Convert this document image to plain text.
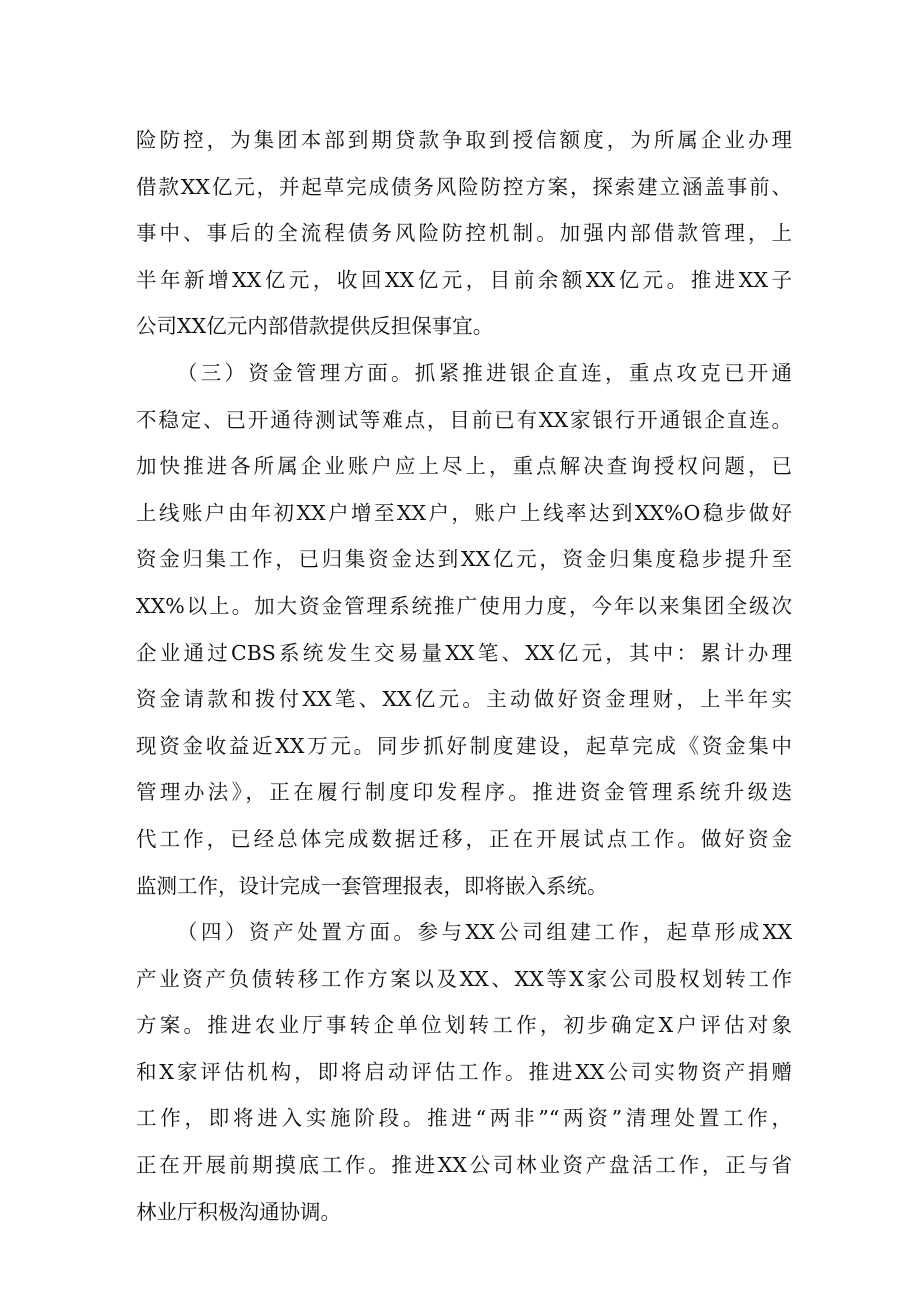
险防控，为集团本部到期贷款争取到授信额度，为所属企业办理
借款XX亿元，并起草完成债务风险防控方案，探索建立涵盖事前、
事中、事后的全流程债务风险防控机制。加强内部借款管理，上
半年新增XX亿元，收回XX亿元，目前余额XX亿元。推进XX子
公司XX亿元内部借款提供反担保事宜。
（三）资金管理方面。抓紧推进银企直连，重点攻克已开通
不稳定、已开通待测试等难点，目前已有XX家银行开通银企直连。
加快推进各所属企业账户应上尽上，重点解决查询授权问题，已
上线账户由年初XX户增至XX户，账户上线率达到XX%O稳步做好
资金归集工作，已归集资金达到XX亿元，资金归集度稳步提升至
XX%以上。加大资金管理系统推广使用力度，今年以来集团全级次
企业通过CBS系统发生交易量XX笔、XX亿元，其中：累计办理
资金请款和拨付XX笔、XX亿元。主动做好资金理财，上半年实
现资金收益近XX万元。同步抓好制度建设，起草完成《资金集中
管理办法》，正在履行制度印发程序。推进资金管理系统升级迭
代工作，已经总体完成数据迁移，正在开展试点工作。做好资金
监测工作，设计完成一套管理报表，即将嵌入系统。
（四）资产处置方面。参与XX公司组建工作，起草形成XX
产业资产负债转移工作方案以及XX、XX等X家公司股权划转工作
方案。推进农业厅事转企单位划转工作，初步确定X户评估对象
和X家评估机构，即将启动评估工作。推进XX公司实物资产捐赠
工作，即将进入实施阶段。推进“两非”“两资”清理处置工作，
正在开展前期摸底工作。推进XX公司林业资产盘活工作，正与省
林业厅积极沟通协调。
